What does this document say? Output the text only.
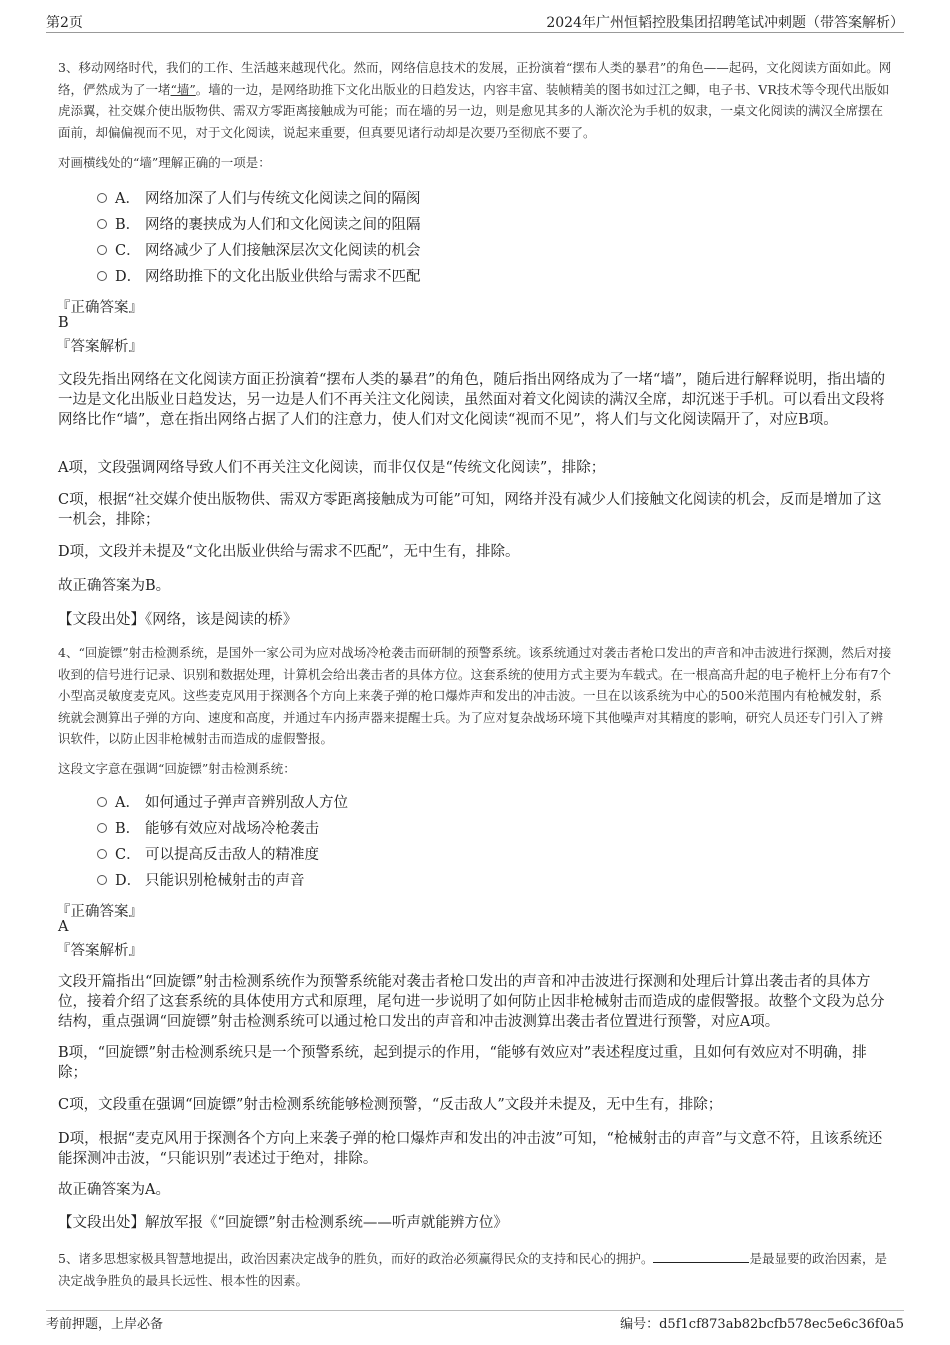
第2页	2024年广州恒韬控股集团招聘笔试冲刺题（带答案解析）
3、移动网络时代，我们的工作、生活越来越现代化。然而，网络信息技术的发展，正扮演着“摆布人类的暴君”的角色——起码，文化阅读方面如此。网络，俨然成为了一堵“墙”。墙的一边，是网络助推下文化出版业的日趋发达，内容丰富、装帧精美的图书如过江之鲫，电子书、VR技术等令现代出版如虎添翼，社交媒介使出版物供、需双方零距离接触成为可能；而在墙的另一边，则是愈见其多的人渐次沦为手机的奴隶，一桌文化阅读的满汉全席摆在面前，却偏偏视而不见，对于文化阅读，说起来重要，但真要见诸行动却是次要乃至彻底不要了。
对画横线处的“墙”理解正确的一项是：
A． 网络加深了人们与传统文化阅读之间的隔阂
B． 网络的裹挟成为人们和文化阅读之间的阻隔
C． 网络减少了人们接触深层次文化阅读的机会
D． 网络助推下的文化出版业供给与需求不匹配
『正确答案』
B
『答案解析』
文段先指出网络在文化阅读方面正扮演着“摆布人类的暴君”的角色，随后指出网络成为了一堵“墙”，随后进行解释说明，指出墙的一边是文化出版业日趋发达，另一边是人们不再关注文化阅读，虽然面对着文化阅读的满汉全席，却沉迷于手机。可以看出文段将网络比作“墙”，意在指出网络占据了人们的注意力，使人们对文化阅读“视而不见”，将人们与文化阅读隔开了，对应B项。
A项，文段强调网络导致人们不再关注文化阅读，而非仅仅是“传统文化阅读”，排除；
C项，根据“社交媒介使出版物供、需双方零距离接触成为可能”可知，网络并没有减少人们接触文化阅读的机会，反而是增加了这一机会，排除；
D项，文段并未提及“文化出版业供给与需求不匹配”，无中生有，排除。
故正确答案为B。
【文段出处】《网络，该是阅读的桥》
4、“回旋镖”射击检测系统，是国外一家公司为应对战场冷枪袭击而研制的预警系统。该系统通过对袭击者枪口发出的声音和冲击波进行探测，然后对接收到的信号进行记录、识别和数据处理，计算机会给出袭击者的具体方位。这套系统的使用方式主要为车载式。在一根高高升起的电子桅杆上分布有7个小型高灵敏度麦克风。这些麦克风用于探测各个方向上来袭子弹的枪口爆炸声和发出的冲击波。一旦在以该系统为中心的500米范围内有枪械发射，系统就会测算出子弹的方向、速度和高度，并通过车内扬声器来提醒士兵。为了应对复杂战场环境下其他噪声对其精度的影响，研究人员还专门引入了辨识软件，以防止因非枪械射击而造成的虚假警报。
这段文字意在强调“回旋镖”射击检测系统：
A． 如何通过子弹声音辨别敌人方位
B． 能够有效应对战场冷枪袭击
C． 可以提高反击敌人的精准度
D． 只能识别枪械射击的声音
『正确答案』
A
『答案解析』
文段开篇指出“回旋镖”射击检测系统作为预警系统能对袭击者枪口发出的声音和冲击波进行探测和处理后计算出袭击者的具体方位，接着介绍了这套系统的具体使用方式和原理，尾句进一步说明了如何防止因非枪械射击而造成的虚假警报。故整个文段为总分结构，重点强调“回旋镖”射击检测系统可以通过枪口发出的声音和冲击波测算出袭击者位置进行预警，对应A项。
B项，“回旋镖”射击检测系统只是一个预警系统，起到提示的作用，“能够有效应对”表述程度过重，且如何有效应对不明确，排除；
C项，文段重在强调“回旋镖”射击检测系统能够检测预警，“反击敌人”文段并未提及，无中生有，排除；
D项，根据“麦克风用于探测各个方向上来袭子弹的枪口爆炸声和发出的冲击波”可知，“枪械射击的声音”与文意不符，且该系统还能探测冲击波，“只能识别”表述过于绝对，排除。
故正确答案为A。
【文段出处】解放军报《“回旋镖”射击检测系统——听声就能辨方位》
5、诸多思想家极具智慧地提出，政治因素决定战争的胜负，而好的政治必须赢得民众的支持和民心的拥护。	是最显要的政治因素，是决定战争胜负的最具长远性、根本性的因素。
考前押题，上岸必备	编号：d5f1cf873ab82bcfb578ec5e6c36f0a5
